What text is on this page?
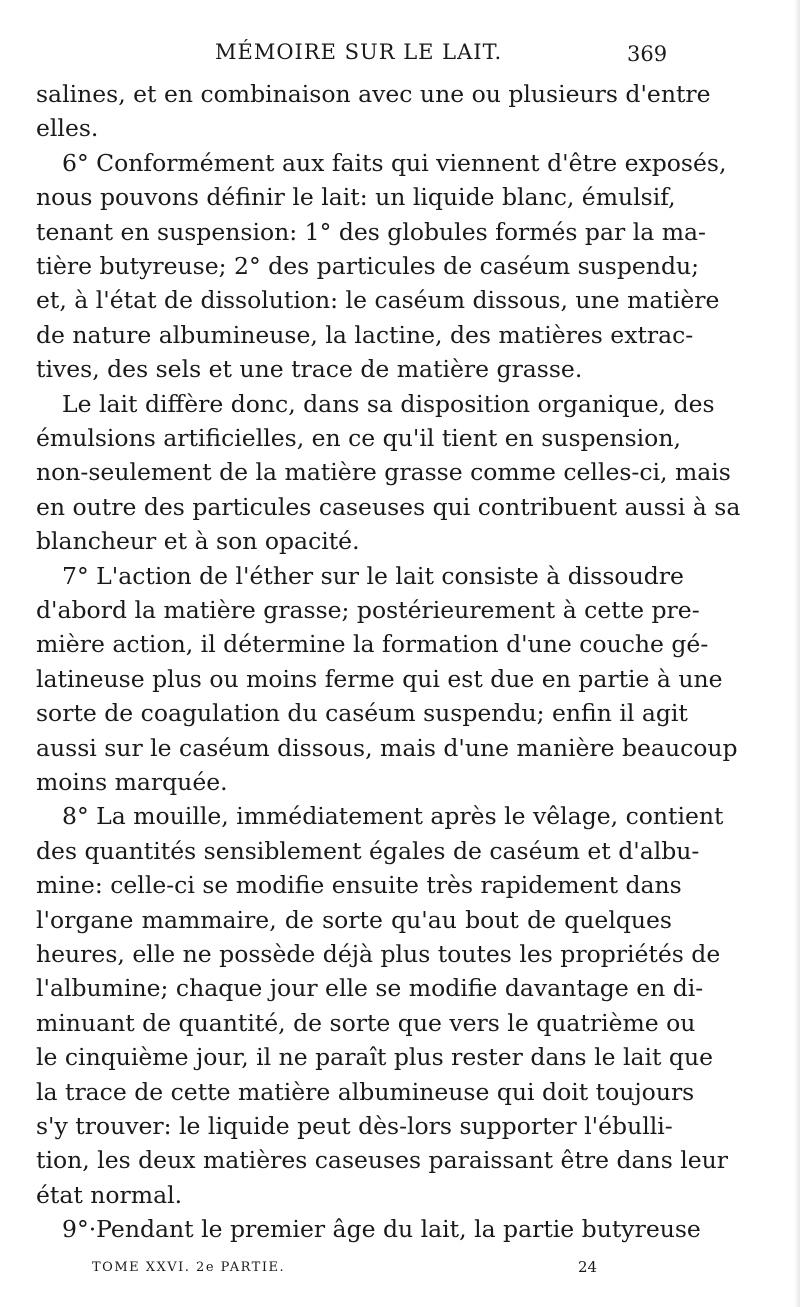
MÉMOIRE SUR LE LAIT.	369
salines, et en combinaison avec une ou plusieurs d'entre
elles.
6° Conformément aux faits qui viennent d'être exposés,
nous pouvons définir le lait: un liquide blanc, émulsif,
tenant en suspension: 1° des globules formés par la ma-
tière butyreuse; 2° des particules de caséum suspendu;
et, à l'état de dissolution: le caséum dissous, une matière
de nature albumineuse, la lactine, des matières extrac-
tives, des sels et une trace de matière grasse.
Le lait diffère donc, dans sa disposition organique, des
émulsions artificielles, en ce qu'il tient en suspension,
non-seulement de la matière grasse comme celles-ci, mais
en outre des particules caseuses qui contribuent aussi à sa
blancheur et à son opacité.
7° L'action de l'éther sur le lait consiste à dissoudre
d'abord la matière grasse; postérieurement à cette pre-
mière action, il détermine la formation d'une couche gé-
latineuse plus ou moins ferme qui est due en partie à une
sorte de coagulation du caséum suspendu; enfin il agit
aussi sur le caséum dissous, mais d'une manière beaucoup
moins marquée.
8° La mouille, immédiatement après le vêlage, contient
des quantités sensiblement égales de caséum et d'albu-
mine: celle-ci se modifie ensuite très rapidement dans
l'organe mammaire, de sorte qu'au bout de quelques
heures, elle ne possède déjà plus toutes les propriétés de
l'albumine; chaque jour elle se modifie davantage en di-
minuant de quantité, de sorte que vers le quatrième ou
le cinquième jour, il ne paraît plus rester dans le lait que
la trace de cette matière albumineuse qui doit toujours
s'y trouver: le liquide peut dès-lors supporter l'ébulli-
tion, les deux matières caseuses paraissant être dans leur
état normal.
9°·Pendant le premier âge du lait, la partie butyreuse
TOME XXVI. 2e PARTIE.	24
